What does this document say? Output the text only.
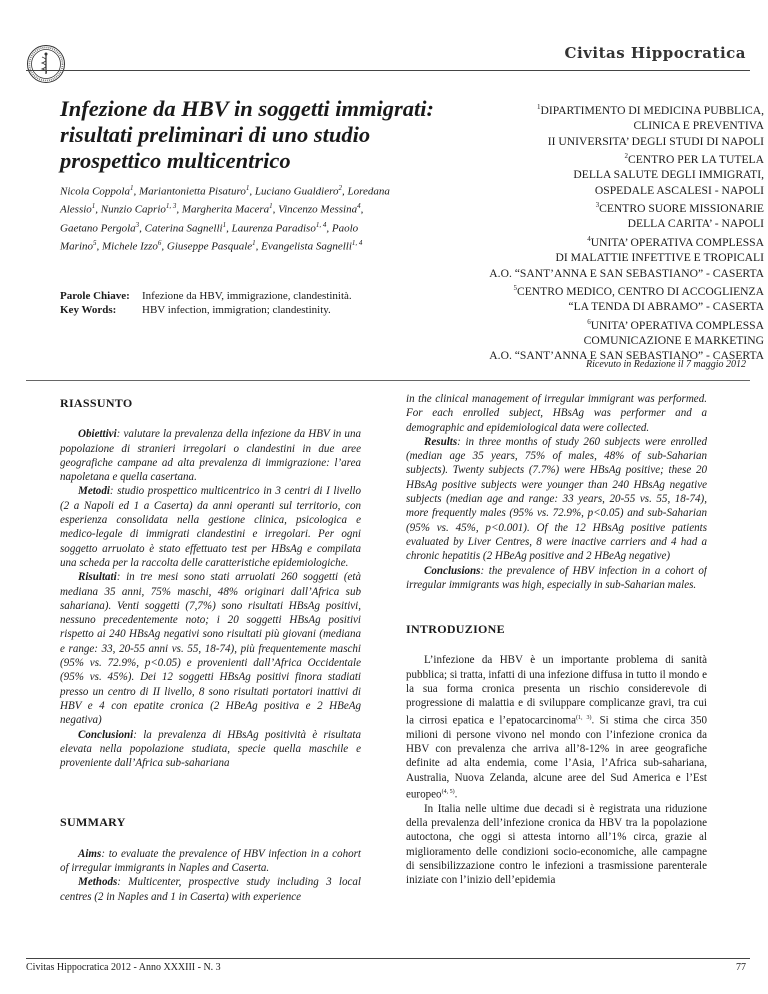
Civitas Hippocratica
Infezione da HBV in soggetti immigrati: risultati preliminari di uno studio prospettico multicentrico
Nicola Coppola$^1$, Mariantonietta Pisaturo$^1$, Luciano Gualdiero$^2$, Loredana Alessio$^1$, Nunzio Caprio$^{1, 3}$, Margherita Macera$^1$, Vincenzo Messina$^4$, Gaetano Pergola$^3$, Caterina Sagnelli$^1$, Laurenza Paradiso$^{1, 4}$, Paolo Marino$^5$, Michele Izzo$^6$, Giuseppe Pasquale$^1$, Evangelista Sagnelli$^{1, 4}$
Parole Chiave: Infezione da HBV, immigrazione, clandestinità.
Key Words: HBV infection, immigration; clandestinity.
$^1$DIPARTIMENTO DI MEDICINA PUBBLICA,
CLINICA E PREVENTIVA
II UNIVERSITA’ DEGLI STUDI DI NAPOLI
$^2$CENTRO PER LA TUTELA
DELLA SALUTE DEGLI IMMIGRATI,
OSPEDALE ASCALESI - NAPOLI
$^3$CENTRO SUORE MISSIONARIE
DELLA CARITA’ - NAPOLI
$^4$UNITA’ OPERATIVA COMPLESSA
DI MALATTIE INFETTIVE E TROPICALI
A.O. “SANT’ANNA E SAN SEBASTIANO” - CASERTA
$^5$CENTRO MEDICO, CENTRO DI ACCOGLIENZA
“LA TENDA DI ABRAMO” - CASERTA
$^6$UNITA’ OPERATIVA COMPLESSA
COMUNICAZIONE E MARKETING
A.O. “SANT’ANNA E SAN SEBASTIANO” - CASERTA
Ricevuto in Redazione il 7 maggio 2012
RIASSUNTO

Obiettivi: valutare la prevalenza della infezione da HBV in una popolazione di stranieri irregolari o clandestini in due aree geografiche campane ad alta prevalenza di immigrazione: l’area napoletana e quella casertana.

Metodi: studio prospettico multicentrico in 3 centri di I livello (2 a Napoli ed 1 a Caserta) da anni operanti sul territorio, con esperienza consolidata nella gestione clinica, psicologica e medico-legale di immigrati clandestini e irregolari. Per ogni soggetto arruolato è stato effettuato test per HBsAg e compilata una scheda per la raccolta delle caratteristiche epidemiologiche.

Risultati: in tre mesi sono stati arruolati 260 soggetti (età mediana 35 anni, 75% maschi, 48% originari dall’Africa sub sahariana). Venti soggetti (7,7%) sono risultati HBsAg positivi, nessuno precedentemente noto; i 20 soggetti HBsAg positivi rispetto ai 240 HBsAg negativi sono risultati più giovani (mediana e range: 33, 20-55 anni vs. 55, 18-74), più frequentemente maschi (95% vs. 72.9%, p<0.05) e provenienti dall’Africa Occidentale (95% vs. 45%). Dei 12 soggetti HBsAg positivi finora stadiati presso un centro di II livello, 8 sono risultati portatori inattivi di HBV e 4 con epatite cronica (2 HBeAg positiva e 2 HBeAg negativa)

Conclusioni: la prevalenza di HBsAg positività è risultata elevata nella popolazione studiata, specie quella maschile e proveniente dall’Africa sub-sahariana

SUMMARY

Aims: to evaluate the prevalence of HBV infection in a cohort of irregular immigrants in Naples and Caserta.

Methods: Multicenter, prospective study including 3 local centres (2 in Naples and 1 in Caserta) with experience

in the clinical management of irregular immigrant was performed. For each enrolled subject, HBsAg was performer and a demographic and epidemiological data were collected.

Results: in three months of study 260 subjects were enrolled (median age 35 years, 75% of males, 48% of sub-Saharian subjects). Twenty subjects (7.7%) were HBsAg positive; these 20 HBsAg positive subjects were younger than 240 HBsAg negative subjects (median age and range: 33 years, 20-55 vs. 55, 18-74), more frequently males (95% vs. 72.9%, p<0.05) and sub-Saharian (95% vs. 45%, p<0.001). Of the 12 HBsAg positive patients evaluated by Liver Centres, 8 were inactive carriers and 4 had a chronic hepatitis (2 HBeAg positive and 2 HBeAg negative)

Conclusions: the prevalence of HBV infection in a cohort of irregular immigrants was high, especially in sub-Saharian males.

INTRODUZIONE

L’infezione da HBV è un importante problema di sanità pubblica; si tratta, infatti di una infezione diffusa in tutto il mondo e la sua forma cronica presenta un rischio considerevole di progressione di malattia e di sviluppare complicanze gravi, tra cui la cirrosi epatica e l’epatocarcinoma$^{(1, 3)}$. Si stima che circa 350 milioni di persone vivono nel mondo con l’infezione cronica da HBV con prevalenza che arriva all’8-12% in aree geografiche definite ad alta endemia, come l’Asia, l’Africa sub-sahariana, Australia, Nuova Zelanda, alcune aree del Sud America e l’Est europeo$^{(4, 5)}$.

In Italia nelle ultime due decadi si è registrata una riduzione della prevalenza dell’infezione cronica da HBV tra la popolazione autoctona, che oggi si attesta intorno all’1% circa, grazie al miglioramento delle condizioni socio-economiche, alle campagne di sensibilizzazione contro le infezioni a trasmissione parenterale iniziate con l’inizio dell’epidemia

Civitas Hippocratica 2012 - Anno XXXIII - N. 3	77
